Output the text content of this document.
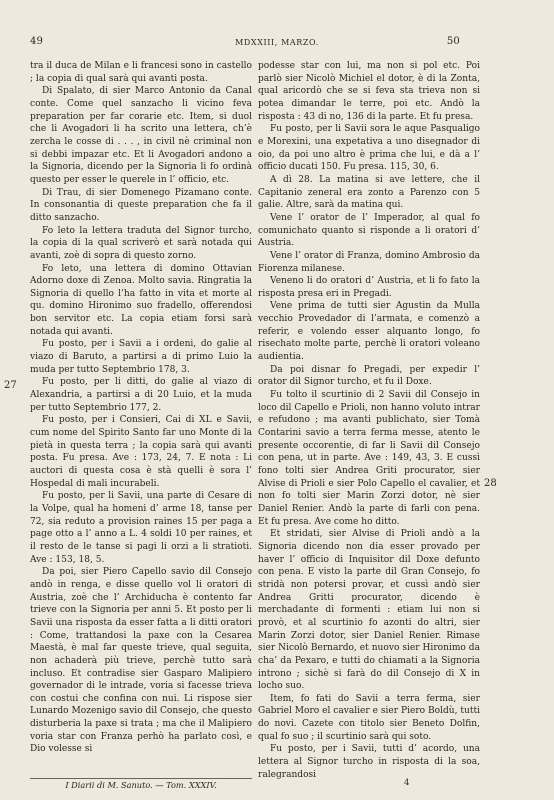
49	MDXXIII, MARZO.	50
27
28

tra il duca de Milan e li francesi sono in castello ; la copia di qual sarà qui avanti posta.

Di Spalato, di sier Marco Antonio da Canal conte. Come quel sanzacho li vicino feva preparation per far corarie etc. Item, si duol che li Avogadori li ha scrito una lettera, ch’è zercha le cosse di . . . , in civil nè criminal non si debbi impazar etc. Et li Avogadori andono a la Signoria, dicendo per la Signoria li fo ordinà questo per esser le querele in l’ officio, etc.

Di Trau, di sier Domenego Pizamano conte. In consonantia di queste preparation che fa il ditto sanzacho.

Fo leto la lettera traduta del Signor turcho, la copia di la qual scriverò et sarà notada qui avanti, zoè di sopra di questo zorno.

Fo leto, una lettera di domino Ottavian Adorno doxe di Zenoa. Molto savia. Ringratia la Signoria di quello l’ha fatto in vita et morte al qu. domino Hironimo suo fradello, offerendosi bon servitor etc. La copia etiam forsi sarà notada qui avanti.

Fu posto, per i Savii a i ordeni, do galie al viazo di Baruto, a partirsi a di primo Luio la muda per tutto Septembrio 178, 3.

Fu posto, per li ditti, do galie al viazo di Alexandria, a partirsi a di 20 Luio, et la muda per tutto Septembrio 177, 2.

Fu posto, per i Consieri, Cai di XL e Savii, cum nome del Spirito Santo far uno Monte di la pietà in questa terra ; la copia sarà qui avanti posta. Fu presa. Ave : 173, 24, 7. E nota : Li auctori di questa cosa è stà quelli è sora l’ Hospedal di mali incurabeli.

Fu posto, per li Savii, una parte di Cesare di la Volpe, qual ha homeni d’ arme 18, tanse per 72, sia reduto a provision raines 15 per paga a page otto a l’ anno a L. 4 soldi 10 per raines, et il resto de le tanse si pagi li orzi a li stratioti. Ave : 153, 18, 5.

Da poi, sier Piero Capello savio dil Consejo andò in renga, e disse quello vol li oratori di Austria, zoè che l’ Archiducha è contento far trieve con la Signoria per anni 5. Et posto per li Savii una risposta da esser fatta a li ditti oratori : Come, trattandosi la paxe con la Cesarea Maestà, è mal far queste trieve, qual seguita, non achaderà più trieve, perchè tutto sarà incluso. Et contradise sier Gasparo Malipiero governador di le intrade, voria si facesse trieva con costui che confina con nui. Li rispose sier Lunardo Mozenigo savio dil Consejo, che questo disturberia la paxe si trata ; ma che il Malipiero voria star con Franza perhò ha parlato così, e Dio volesse si

podesse star con lui, ma non si pol etc. Poi parlò sier Nicolò Michiel el dotor, è di la Zonta, qual aricordò che se si feva sta trieva non si potea dimandar le terre, poi etc. Andò la risposta : 43 di no, 136 di la parte. Et fu presa.

Fu posto, per li Savii sora le aque Pasqualigo e Morexini, una expetativa a uno disegnador di oio, da poi uno altro è prima che lui, e dà a l’ officio ducati 150. Fu presa. 115, 30, 6.

A dì 28. La matina si ave lettere, che il Capitanio zeneral era zonto a Parenzo con 5 galie. Altre, sarà da matina qui.

Vene l’ orator de l’ Imperador, al qual fo comunichato quanto si risponde a li oratori d’ Austria.

Vene l’ orator di Franza, domino Ambrosio da Fiorenza milanese.

Veneno li do oratori d’ Austria, et li fo fato la risposta presa eri in Pregadi.

Vene prima de tutti sier Agustin da Mulla vecchio Provedador di l’armata, e comenzò a referir, e volendo esser alquanto longo, fo risechato molte parte, perchè li oratori voleano audientia.

Da poi disnar fo Pregadi, per expedir l’ orator dil Signor turcho, et fu il Doxe.

Fu tolto il scurtinio di 2 Savii dil Consejo in loco dil Capello e Prioli, non hanno voluto intrar e refudono ; ma avanti publichato, sier Tomà Contarini savio a terra ferma messe, atento le presente occorentie, di far li Savii dil Consejo con pena, ut in parte. Ave : 149, 43, 3. E cussì fono tolti sier Andrea Griti procurator, sier Alvise di Prioli e sier Polo Capello el cavalier, et non fo tolti sier Marin Zorzi dotor, nè sier Daniel Renier. Andò la parte di farli con pena. Et fu presa. Ave come ho ditto.

Et stridati, sier Alvise di Prioli andò a la Signoria dicendo non dia esser provado per haver l’ officio di Inquisitor dil Doxe defunto con pena. E visto la parte dil Gran Consejo, fo stridà non potersi provar, et cussì andò sier Andrea Gritti procurator, dicendo è merchadante di formenti : etiam lui non si provò, et al scurtinio fo azonti do altri, sier Marin Zorzi dotor, sier Daniel Renier. Rimase sier Nicolò Bernardo, et nuovo sier Hironimo da cha’ da Pexaro, e tutti do chiamati a la Signoria introno ; sichè si farà do dil Consejo di X in locho suo.

Item, fo fati do Savii a terra ferma, sier Gabriel Moro el cavalier e sier Piero Boldù, tutti do novi. Cazete con titolo sier Beneto Dolfin, qual fo suo ; il scurtinio sarà qui soto.

Fu posto, per i Savii, tutti d’ acordo, una lettera al Signor turcho in risposta di la soa, ralegrandosi

I Diarii di M. Sanuto. — Tom. XXXIV.	4
